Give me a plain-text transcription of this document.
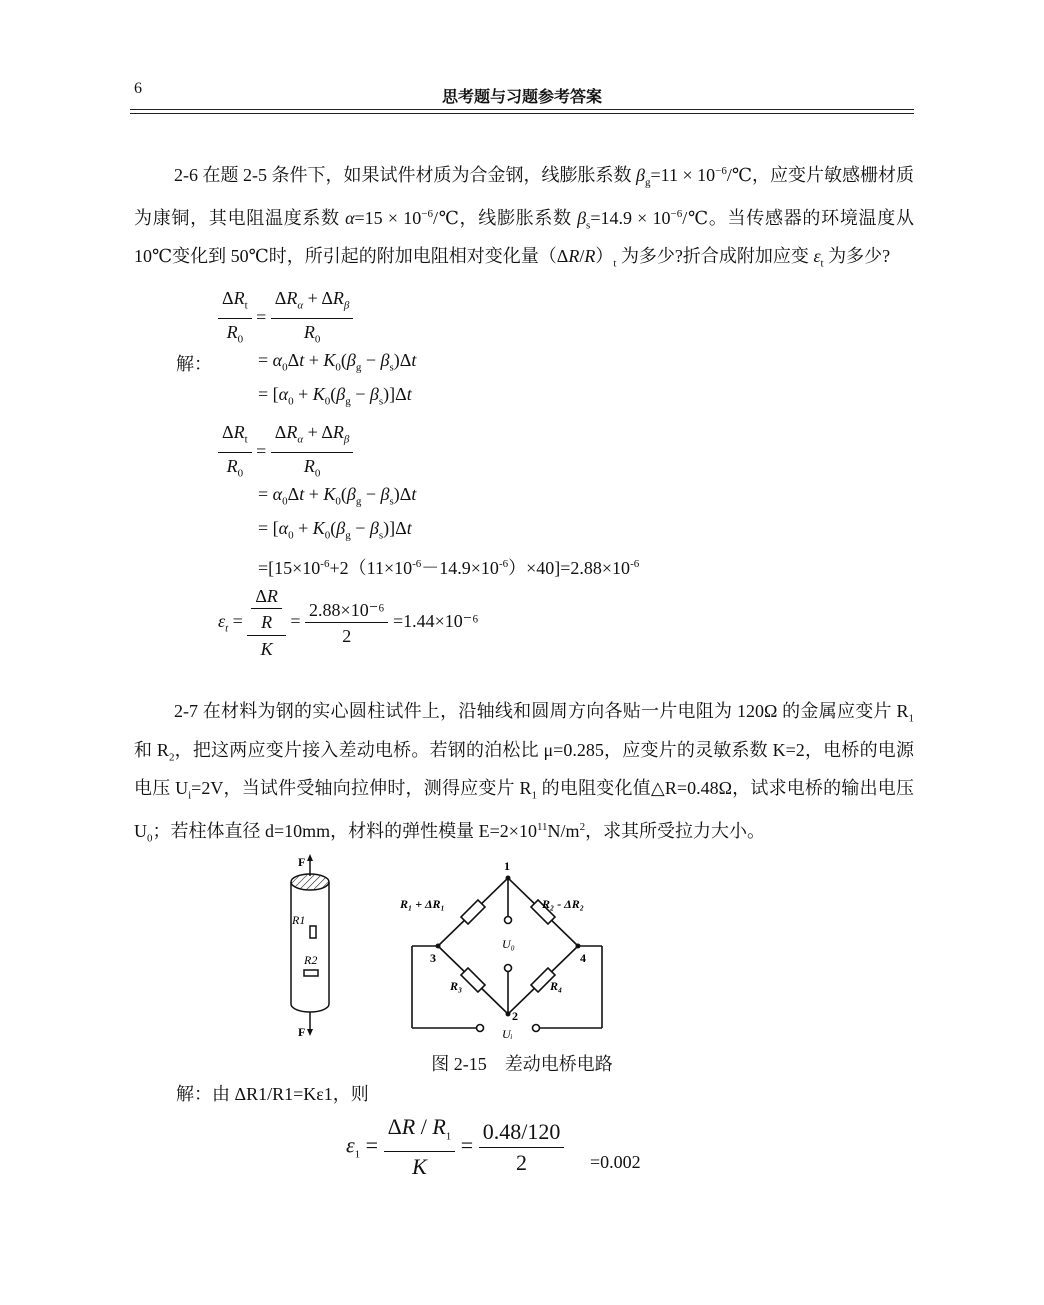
6	思考题与习题参考答案

2-6 在题 2-5 条件下，如果试件材质为合金钢，线膨胀系数 $\beta_g=11$ × $10^{-6}/℃$，应变片敏感栅材质为康铜，其电阻温度系数 $\alpha=15 \times 10^{-6}/℃$，线膨胀系数 $\beta_s=14.9$ × $10^{-6}/℃$。当传感器的环境温度从 10℃变化到 50℃时，所引起的附加电阻相对变化量$(\Delta R/R)_t$ 为多少?折合成附加应变 $\varepsilon_t$ 为多少?

$\frac{\Delta R_t}{R_0} = \frac{\Delta R_\alpha + \Delta R_\beta}{R_0}$
解：	= $\alpha_0\Delta t + K_0(\beta_g - \beta_s)\Delta t$
= $[\alpha_0 + K_0(\beta_g - \beta_s)]\Delta t$
$\frac{\Delta R_t}{R_0} = \frac{\Delta R_\alpha + \Delta R_\beta}{R_0}$
= $\alpha_0\Delta t + K_0(\beta_g - \beta_s)\Delta t$
= $[\alpha_0 + K_0(\beta_g - \beta_s)]\Delta t$
$=[15\times 10^{-6}+2(11\times 10^{-6}-14.9\times 10^{-6})\times 40]=2.88\times 10^{-6}$
$\varepsilon_t = \frac{\frac{\Delta R}{R}}{K} = \frac{\text{2.88×10⁻⁶}}{2} =1.44\times 10^{-6}$

2-7 在材料为钢的实心圆柱试件上，沿轴线和圆周方向各贴一片电阻为 120Ω 的金属应变片 $R_1$ 和 $R_2$，把这两应变片接入差动电桥。若钢的泊松比 μ=0.285，应变片的灵敏系数 K=2，电桥的电源电压 $U_i=2V$，当试件受轴向拉伸时，测得应变片 $R_1$ 的电阻变化值△R=0.48Ω，试求电桥的输出电压 $U_0$；若柱体直径 d=10mm，材料的弹性模量 $E=2\times 10^{11}N/m^2$，求其所受拉力大小。

F
R1
R2
F
1
2
3	4
R₁ + ΔR₁	R₂ - ΔR₂
R₃	R₄
U₀
Uᵢ
图 2-15　差动电桥电路
解：由 ΔR1/R1=Kε1，则
$\varepsilon_1 = \frac{\Delta R / R_1}{K} = \frac{0.48/120}{2} =0.002$
